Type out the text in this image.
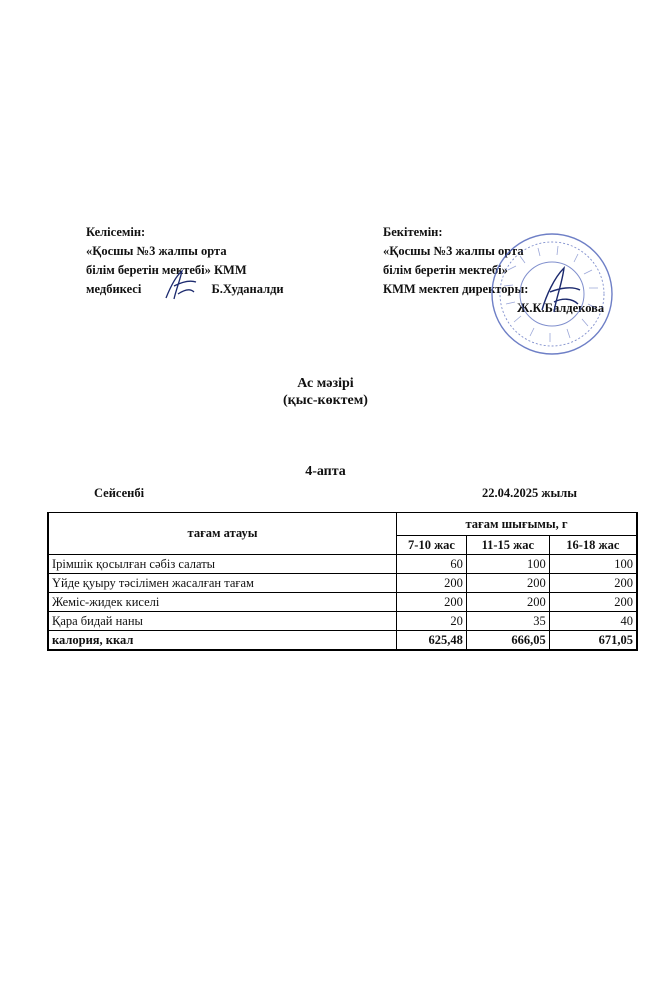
Келісемін:
«Қосшы №3 жалпы орта
білім беретін мектебі» КММ
медбикесі	Б.Худаналди
Бекітемін:
«Қосшы №3 жалпы орта
білім беретін мектебі»
КММ мектеп директоры:
Ж.К.Балдекова
Ас мәзірі
(қыс-көктем)
4-апта
Сейсенбі	22.04.2025 жылы
тағам атауы	тағам шығымы, г		
	7-10 жас	11-15 жас	16-18 жас
Ірімшік қосылған сәбіз салаты	60	100	100
Үйде қуыру тәсілімен жасалған тағам	200	200	200
Жеміс-жидек киселі	200	200	200
Қара бидай наны	20	35	40
калория, ккал	625,48	666,05	671,05
